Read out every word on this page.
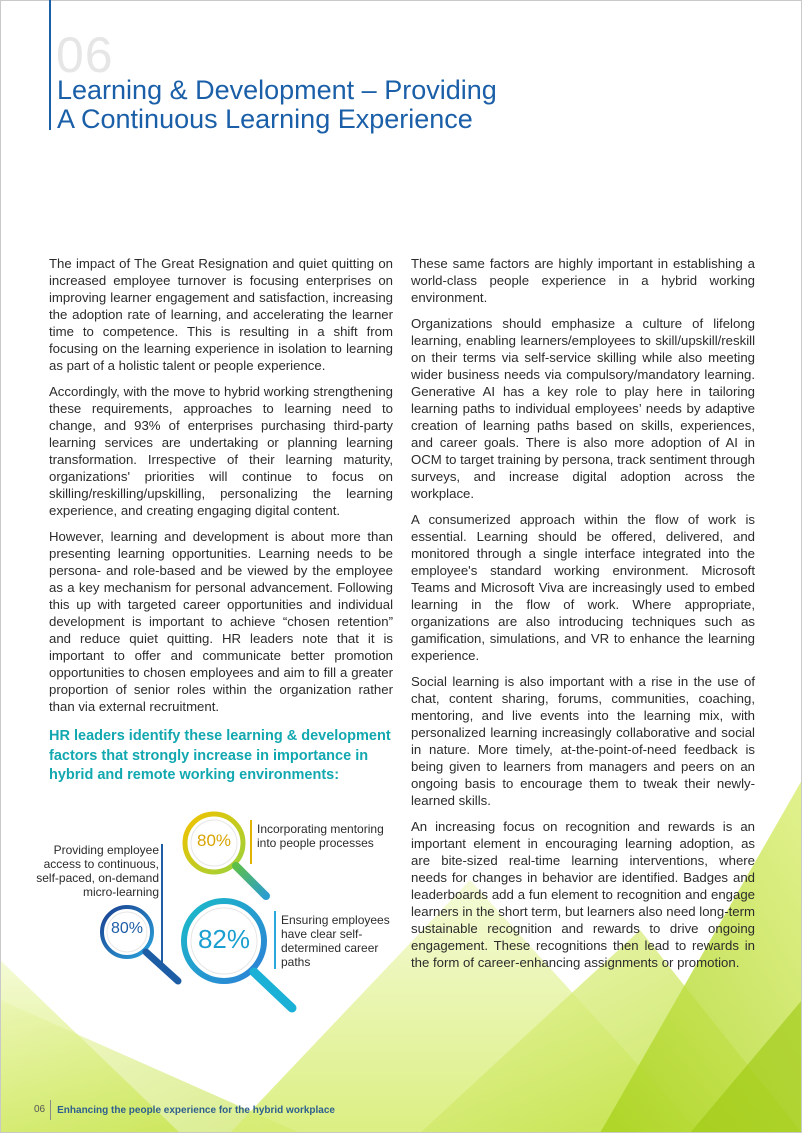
06
Learning & Development – Providing
A Continuous Learning Experience

The impact of The Great Resignation and quiet quitting on increased employee turnover is focusing enterprises on improving learner engagement and satisfaction, increasing the adoption rate of learning, and accelerating the learner time to competence. This is resulting in a shift from focusing on the learning experience in isolation to learning as part of a holistic talent or people experience.

Accordingly, with the move to hybrid working strengthening these requirements, approaches to learning need to change, and 93% of enterprises purchasing third-party learning services are undertaking or planning learning transformation. Irrespective of their learning maturity, organizations' priorities will continue to focus on skilling/reskilling/upskilling, personalizing the learning experience, and creating engaging digital content.

However, learning and development is about more than presenting learning opportunities. Learning needs to be persona- and role-based and be viewed by the employee as a key mechanism for personal advancement. Following this up with targeted career opportunities and individual development is important to achieve “chosen retention” and reduce quiet quitting. HR leaders note that it is important to offer and communicate better promotion opportunities to chosen employees and aim to fill a greater proportion of senior roles within the organization rather than via external recruitment.

HR leaders identify these learning & development factors that strongly increase in importance in hybrid and remote working environments:
80%
80%	82%
Incorporating mentoring into people processes
Providing employee access to continuous, self-paced, on-demand micro-learning
Ensuring employees have clear self-determined career paths

These same factors are highly important in establishing a world-class people experience in a hybrid working environment.

Organizations should emphasize a culture of lifelong learning, enabling learners/employees to skill/upskill/reskill on their terms via self-service skilling while also meeting wider business needs via compulsory/mandatory learning. Generative AI has a key role to play here in tailoring learning paths to individual employees’ needs by adaptive creation of learning paths based on skills, experiences, and career goals. There is also more adoption of AI in OCM to target training by persona, track sentiment through surveys, and increase digital adoption across the workplace.

A consumerized approach within the flow of work is essential. Learning should be offered, delivered, and monitored through a single interface integrated into the employee's standard working environment. Microsoft Teams and Microsoft Viva are increasingly used to embed learning in the flow of work. Where appropriate, organizations are also introducing techniques such as gamification, simulations, and VR to enhance the learning experience.

Social learning is also important with a rise in the use of chat, content sharing, forums, communities, coaching, mentoring, and live events into the learning mix, with personalized learning increasingly collaborative and social in nature. More timely, at-the-point-of-need feedback is being given to learners from managers and peers on an ongoing basis to encourage them to tweak their newly-learned skills.

An increasing focus on recognition and rewards is an important element in encouraging learning adoption, as are bite-sized real-time learning interventions, where needs for changes in behavior are identified. Badges and leaderboards add a fun element to recognition and engage learners in the short term, but learners also need long-term sustainable recognition and rewards to drive ongoing engagement. These recognitions then lead to rewards in the form of career-enhancing assignments or promotion.

06	Enhancing the people experience for the hybrid workplace
